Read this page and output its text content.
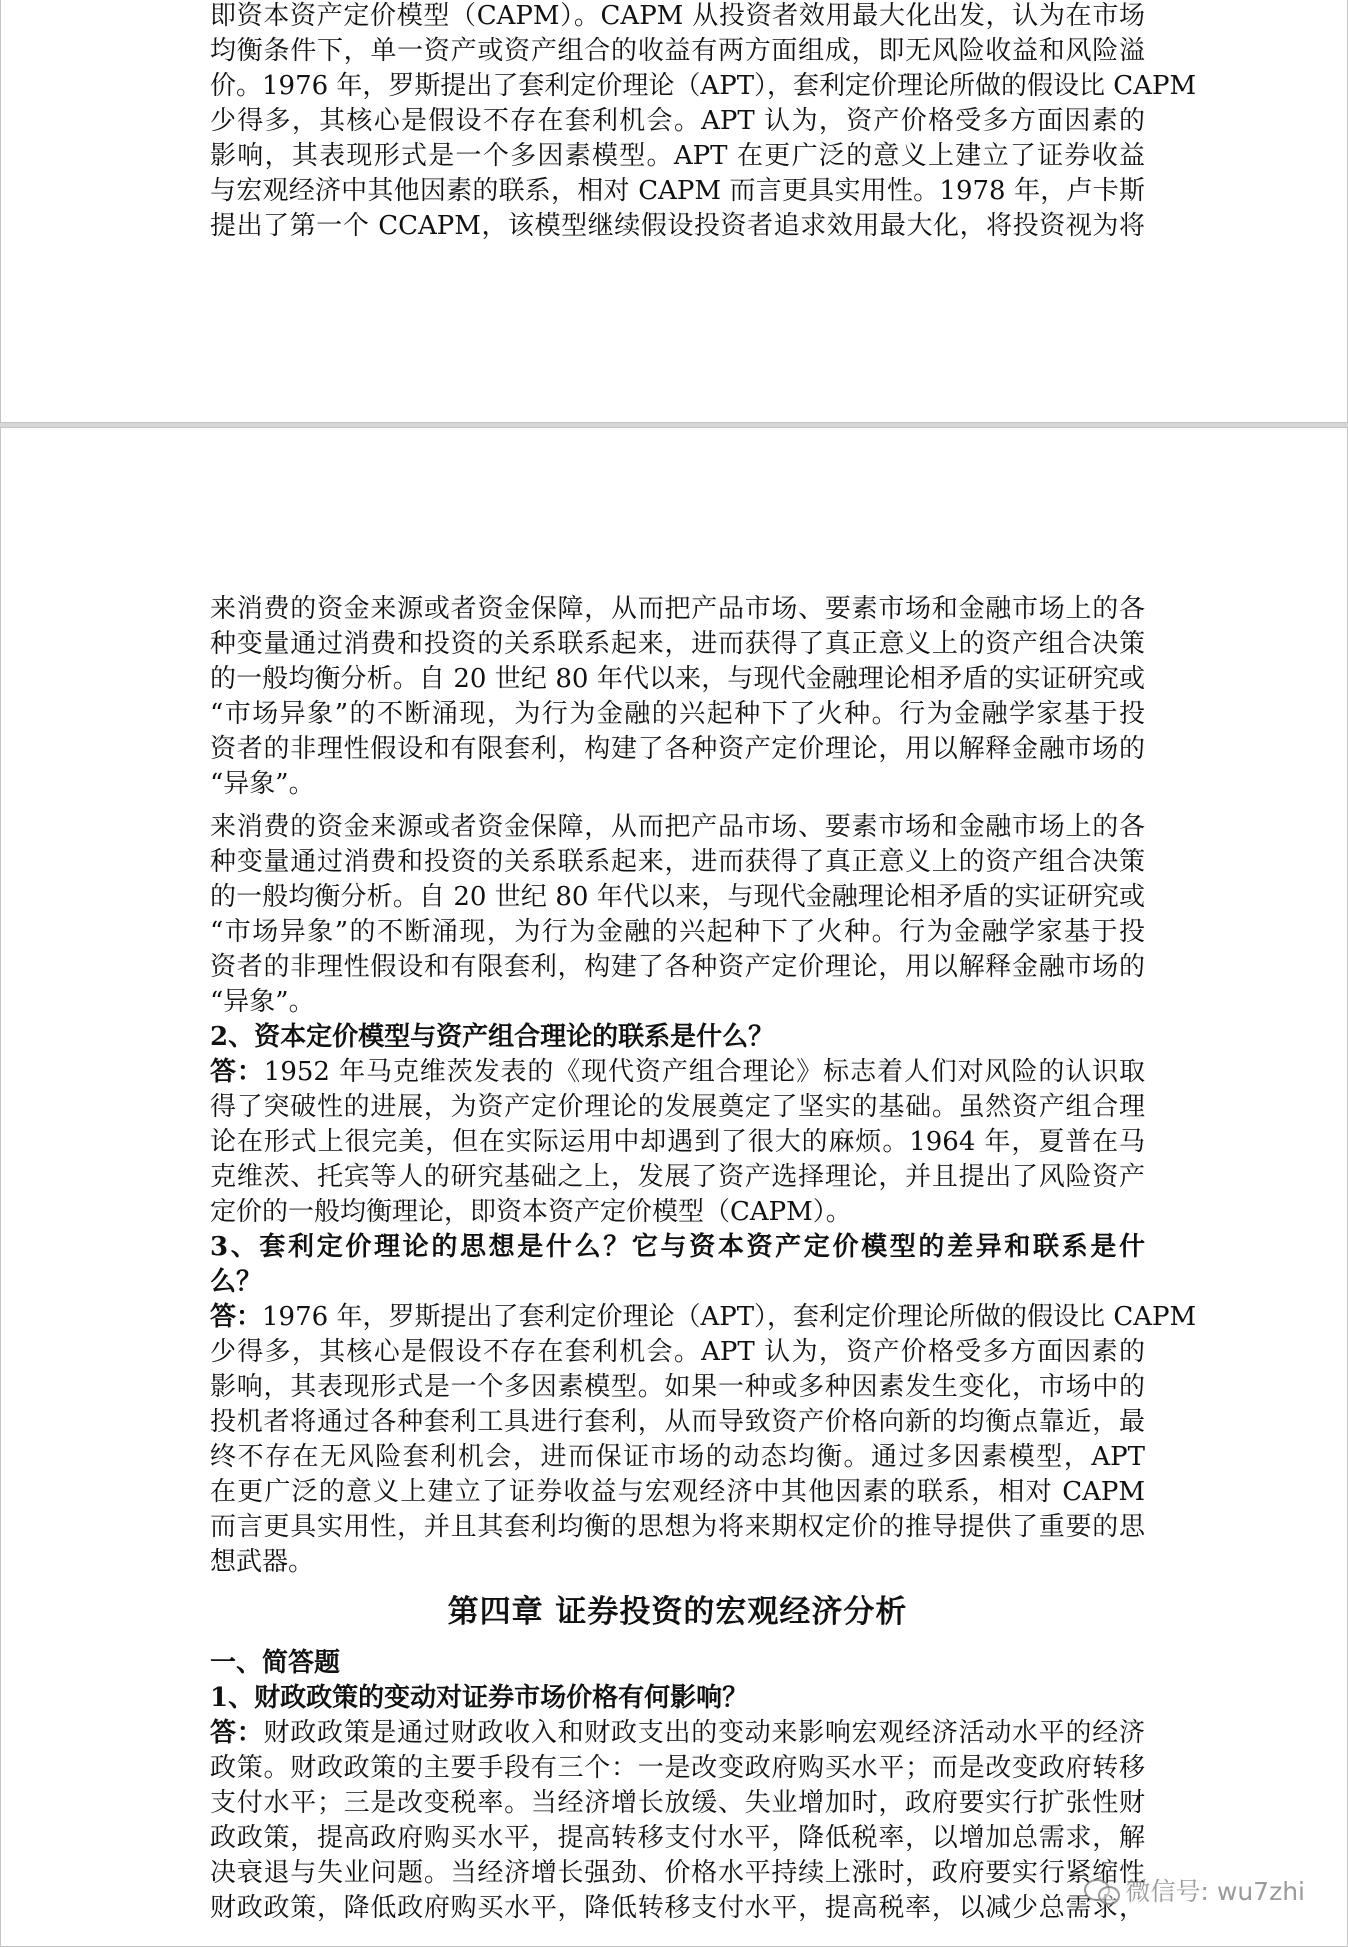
即资本资产定价模型（CAPM）。CAPM 从投资者效用最大化出发，认为在市场
均衡条件下，单一资产或资产组合的收益有两方面组成，即无风险收益和风险溢
价。1976 年，罗斯提出了套利定价理论（APT），套利定价理论所做的假设比 CAPM
少得多，其核心是假设不存在套利机会。APT 认为，资产价格受多方面因素的
影响，其表现形式是一个多因素模型。APT 在更广泛的意义上建立了证券收益
与宏观经济中其他因素的联系，相对 CAPM 而言更具实用性。1978 年，卢卡斯
提出了第一个 CCAPM，该模型继续假设投资者追求效用最大化，将投资视为将
来消费的资金来源或者资金保障，从而把产品市场、要素市场和金融市场上的各
种变量通过消费和投资的关系联系起来，进而获得了真正意义上的资产组合决策
的一般均衡分析。自 20 世纪 80 年代以来，与现代金融理论相矛盾的实证研究或
“市场异象”的不断涌现，为行为金融的兴起种下了火种。行为金融学家基于投
资者的非理性假设和有限套利，构建了各种资产定价理论，用以解释金融市场的
“异象”。
来消费的资金来源或者资金保障，从而把产品市场、要素市场和金融市场上的各
种变量通过消费和投资的关系联系起来，进而获得了真正意义上的资产组合决策
的一般均衡分析。自 20 世纪 80 年代以来，与现代金融理论相矛盾的实证研究或
“市场异象”的不断涌现，为行为金融的兴起种下了火种。行为金融学家基于投
资者的非理性假设和有限套利，构建了各种资产定价理论，用以解释金融市场的
“异象”。
2、资本定价模型与资产组合理论的联系是什么？
答：1952 年马克维茨发表的《现代资产组合理论》标志着人们对风险的认识取
得了突破性的进展，为资产定价理论的发展奠定了坚实的基础。虽然资产组合理
论在形式上很完美，但在实际运用中却遇到了很大的麻烦。1964 年，夏普在马
克维茨、托宾等人的研究基础之上，发展了资产选择理论，并且提出了风险资产
定价的一般均衡理论，即资本资产定价模型（CAPM）。
3、套利定价理论的思想是什么？它与资本资产定价模型的差异和联系是什
么？
答：1976 年，罗斯提出了套利定价理论（APT），套利定价理论所做的假设比 CAPM
少得多，其核心是假设不存在套利机会。APT 认为，资产价格受多方面因素的
影响，其表现形式是一个多因素模型。如果一种或多种因素发生变化，市场中的
投机者将通过各种套利工具进行套利，从而导致资产价格向新的均衡点靠近，最
终不存在无风险套利机会，进而保证市场的动态均衡。通过多因素模型，APT
在更广泛的意义上建立了证券收益与宏观经济中其他因素的联系，相对 CAPM
而言更具实用性，并且其套利均衡的思想为将来期权定价的推导提供了重要的思
想武器。
第四章 证券投资的宏观经济分析
一、简答题
1、财政政策的变动对证券市场价格有何影响？
答：财政政策是通过财政收入和财政支出的变动来影响宏观经济活动水平的经济
政策。财政政策的主要手段有三个：一是改变政府购买水平；而是改变政府转移
支付水平；三是改变税率。当经济增长放缓、失业增加时，政府要实行扩张性财
政政策，提高政府购买水平，提高转移支付水平，降低税率，以增加总需求，解
决衰退与失业问题。当经济增长强劲、价格水平持续上涨时，政府要实行紧缩性
财政政策，降低政府购买水平，降低转移支付水平，提高税率，以减少总需求，
微信号: wu7zhi
